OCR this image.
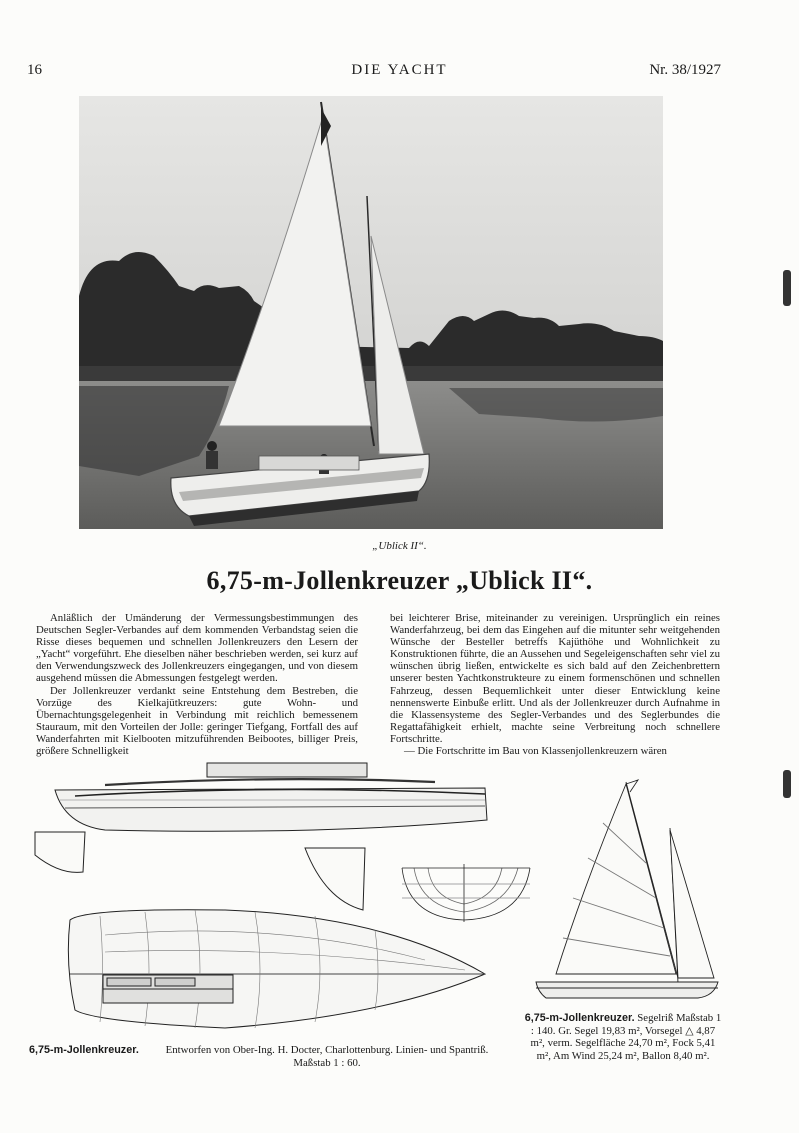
16	DIE YACHT	Nr. 38/1927
„Ublick II“.
6,75-m-Jollenkreuzer „Ublick II“.

Anläßlich der Umänderung der Vermessungsbestimmungen des Deutschen Segler-Verbandes auf dem kommenden Verbandstag seien die Risse dieses bequemen und schnellen Jollenkreuzers den Lesern der „Yacht“ vorgeführt. Ehe dieselben näher beschrieben werden, sei kurz auf den Verwendungszweck des Jollenkreuzers eingegangen, und von diesem ausgehend müssen die Abmessungen festgelegt werden.

Der Jollenkreuzer verdankt seine Entstehung dem Bestreben, die Vorzüge des Kielkajütkreuzers: gute Wohn- und Übernachtungsgelegenheit in Verbindung mit reichlich bemessenem Stauraum, mit den Vorteilen der Jolle: geringer Tiefgang, Fortfall des auf Wanderfahrten mit Kielbooten mitzuführenden Beibootes, billiger Preis, größere Schnelligkeit

bei leichterer Brise, miteinander zu vereinigen. Ursprünglich ein reines Wanderfahrzeug, bei dem das Eingehen auf die mitunter sehr weitgehenden Wünsche der Besteller betreffs Kajüthöhe und Wohnlichkeit zu Konstruktionen führte, die an Aussehen und Segeleigenschaften sehr viel zu wünschen übrig ließen, entwickelte es sich bald auf den Zeichenbrettern unserer besten Yachtkonstrukteure zu einem formenschönen und schnellen Fahrzeug, dessen Bequemlichkeit unter dieser Entwicklung keine nennenswerte Einbuße erlitt. Und als der Jollenkreuzer durch Aufnahme in die Klassensysteme des Segler-Verbandes und des Seglerbundes die Regattafähigkeit erhielt, machte seine Verbreitung noch schnellere Fortschritte.

— Die Fortschritte im Bau von Klassenjollenkreuzern wären

6,75-m-Jollenkreuzer.	Entworfen von Ober-Ing. H. Docter, Charlottenburg. Linien- und Spantriß. Maßstab 1 : 60.
6,75-m-Jollenkreuzer. Segelriß Maßstab 1 : 140. Gr. Segel 19,83 m², Vorsegel △ 4,87 m², verm. Segelfläche 24,70 m², Fock 5,41 m², Am Wind 25,24 m², Ballon 8,40 m².
